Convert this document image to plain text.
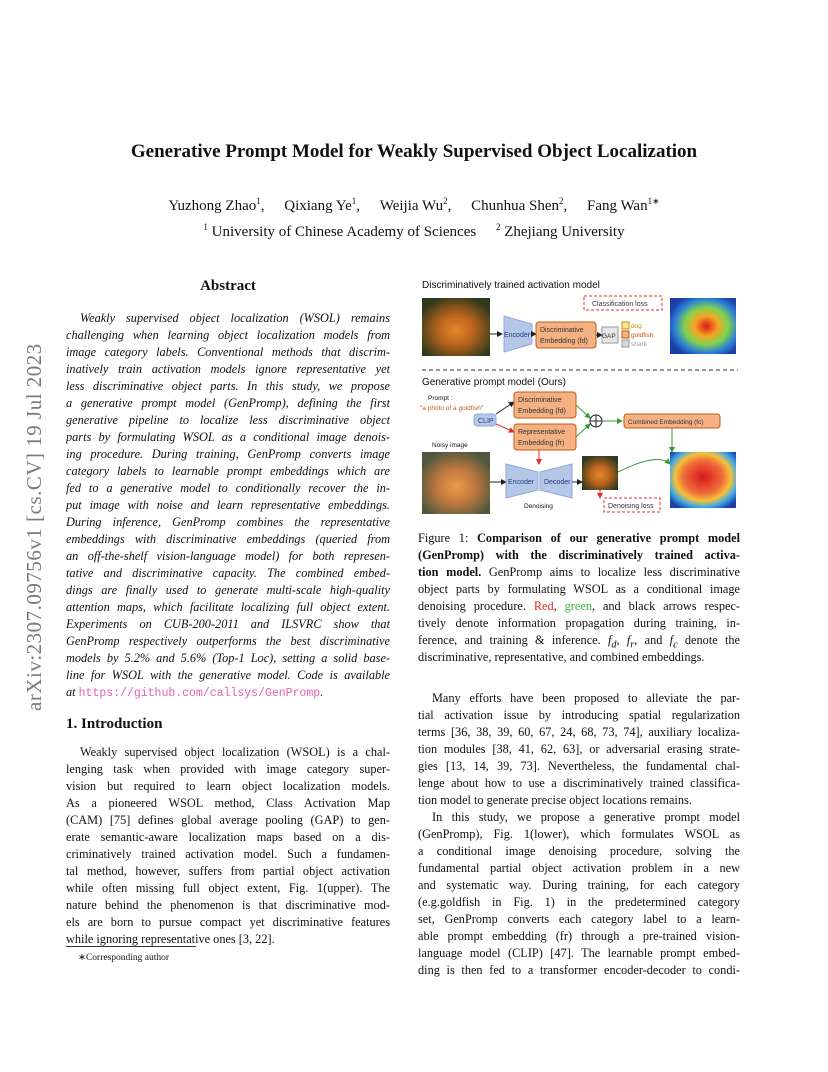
arXiv:2307.09756v1 [cs.CV] 19 Jul 2023
Generative Prompt Model for Weakly Supervised Object Localization
Yuzhong Zhao$^1$, Qixiang Ye$^1$, Weijia Wu$^2$, Chunhua Shen$^2$, Fang Wan$^{1∗}$
$^1$ University of Chinese Academy of Sciences $^2$ Zhejiang University
Abstract
Weakly supervised object localization (WSOL) remains
challenging when learning object localization models from
image category labels. Conventional methods that discrim-
inatively train activation models ignore representative yet
less discriminative object parts. In this study, we propose
a generative prompt model (GenPromp), defining the first
generative pipeline to localize less discriminative object
parts by formulating WSOL as a conditional image denois-
ing procedure. During training, GenPromp converts image
category labels to learnable prompt embeddings which are
fed to a generative model to conditionally recover the in-
put image with noise and learn representative embeddings.
During inference, GenPromp combines the representative
embeddings with discriminative embeddings (queried from
an off-the-shelf vision-language model) for both represen-
tative and discriminative capacity. The combined embed-
dings are finally used to generate multi-scale high-quality
attention maps, which facilitate localizing full object extent.
Experiments on CUB-200-2011 and ILSVRC show that
GenPromp respectively outperforms the best discriminative
models by 5.2% and 5.6% (Top-1 Loc), setting a solid base-
line for WSOL with the generative model. Code is available
at https://github.com/callsys/GenPromp.
1. Introduction
Weakly supervised object localization (WSOL) is a chal-
lenging task when provided with image category super-
vision but required to learn object localization models.
As a pioneered WSOL method, Class Activation Map
(CAM) [75] defines global average pooling (GAP) to gen-
erate semantic-aware localization maps based on a dis-
criminatively trained activation model. Such a fundamen-
tal method, however, suffers from partial object activation
while often missing full object extent, Fig. 1(upper). The
nature behind the phenomenon is that discriminative mod-
els are born to pursue compact yet discriminative features
while ignoring representative ones [3, 22].
∗Corresponding author
Discriminatively trained activation model
Encoder
Discriminative
Embedding (fd)
GAP
dog
goldfish
shark
Classification loss
Generative prompt model (Ours)
Prompt :
"a photo of a goldfish"
CLIP
Discriminative
Embedding (fd)
Representative
Embedding (fr)
Combined Embedding (fc)
Noisy image
Encoder Decoder
Denoising	Denoising loss
Figure 1: Comparison of our generative prompt model
(GenPromp) with the discriminatively trained activa-
tion model. GenPromp aims to localize less discriminative
object parts by formulating WSOL as a conditional image
denoising procedure. Red, green, and black arrows respec-
tively denote information propagation during training, in-
ference, and training & inference. $f_d$, $f_r$, and $f_c$ denote the
discriminative, representative, and combined embeddings.
Many efforts have been proposed to alleviate the par-
tial activation issue by introducing spatial regularization
terms [36, 38, 39, 60, 67, 24, 68, 73, 74], auxiliary localiza-
tion modules [38, 41, 62, 63], or adversarial erasing strate-
gies [13, 14, 39, 73]. Nevertheless, the fundamental chal-
lenge about how to use a discriminatively trained classifica-
tion model to generate precise object locations remains.
In this study, we propose a generative prompt model
(GenPromp), Fig. 1(lower), which formulates WSOL as
a conditional image denoising procedure, solving the
fundamental partial object activation problem in a new
and systematic way. During training, for each category
(e.g.goldfish in Fig. 1) in the predetermined category
set, GenPromp converts each category label to a learn-
able prompt embedding (fr) through a pre-trained vision-
language model (CLIP) [47]. The learnable prompt embed-
ding is then fed to a transformer encoder-decoder to condi-
